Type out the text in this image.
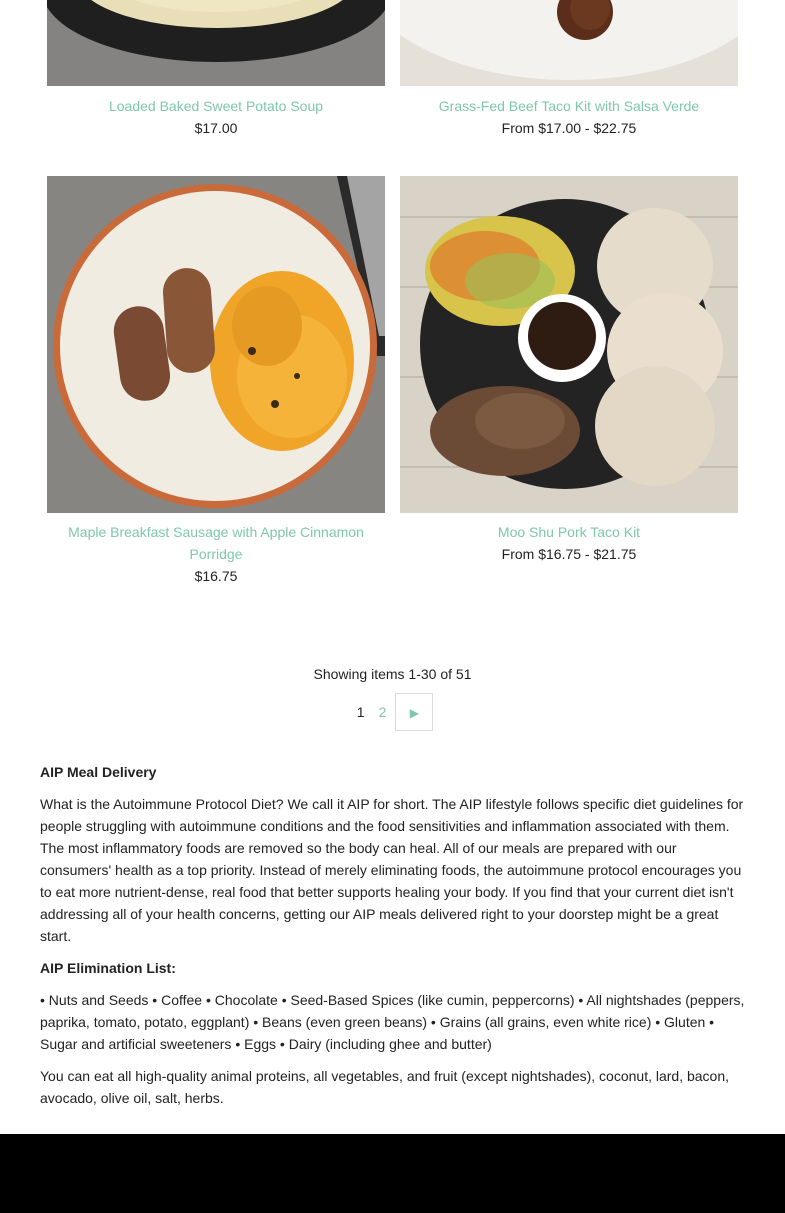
Loaded Baked Sweet Potato Soup
$17.00
Grass-Fed Beef Taco Kit with Salsa Verde
From $17.00 - $22.75
Maple Breakfast Sausage with Apple Cinnamon Porridge
$16.75
Moo Shu Pork Taco Kit
From $16.75 - $21.75
Showing items 1-30 of 51
1 2 ▶

AIP Meal Delivery

What is the Autoimmune Protocol Diet? We call it AIP for short. The AIP lifestyle follows specific diet guidelines for people struggling with autoimmune conditions and the food sensitivities and inflammation associated with them. The most inflammatory foods are removed so the body can heal. All of our meals are prepared with our consumers' health as a top priority. Instead of merely eliminating foods, the autoimmune protocol encourages you to eat more nutrient-dense, real food that better supports healing your body. If you find that your current diet isn't addressing all of your health concerns, getting our AIP meals delivered right to your doorstep might be a great start.

AIP Elimination List:

• Nuts and Seeds • Coffee • Chocolate • Seed-Based Spices (like cumin, peppercorns) • All nightshades (peppers, paprika, tomato, potato, eggplant) • Beans (even green beans) • Grains (all grains, even white rice) • Gluten • Sugar and artificial sweeteners • Eggs • Dairy (including ghee and butter)

You can eat all high-quality animal proteins, all vegetables, and fruit (except nightshades), coconut, lard, bacon, avocado, olive oil, salt, herbs.
